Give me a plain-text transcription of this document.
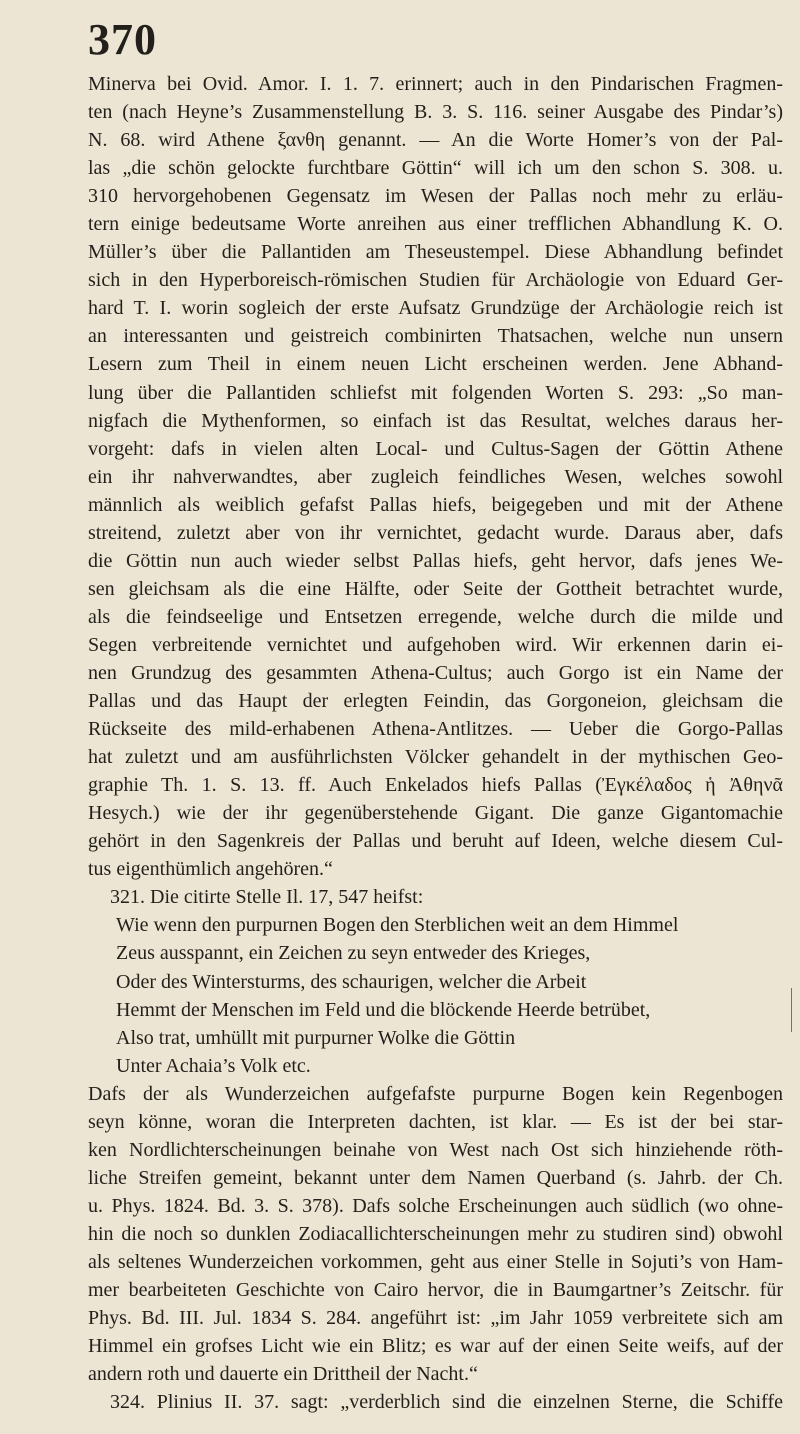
370
Minerva bei Ovid. Amor. I. 1. 7. erinnert; auch in den Pindarischen Fragmen-
ten (nach Heyne’s Zusammenstellung B. 3. S. 116. seiner Ausgabe des Pindar’s)
N. 68. wird Athene ξανθη genannt. — An die Worte Homer’s von der Pal-
las „die schön gelockte furchtbare Göttin“ will ich um den schon S. 308. u.
310 hervorgehobenen Gegensatz im Wesen der Pallas noch mehr zu erläu-
tern einige bedeutsame Worte anreihen aus einer trefflichen Abhandlung K. O.
Müller’s über die Pallantiden am Theseustempel. Diese Abhandlung befindet
sich in den Hyperboreisch-römischen Studien für Archäologie von Eduard Ger-
hard T. I. worin sogleich der erste Aufsatz Grundzüge der Archäologie reich ist
an interessanten und geistreich combinirten Thatsachen, welche nun unsern
Lesern zum Theil in einem neuen Licht erscheinen werden. Jene Abhand-
lung über die Pallantiden schliefst mit folgenden Worten S. 293: „So man-
nigfach die Mythenformen, so einfach ist das Resultat, welches daraus her-
vorgeht: dafs in vielen alten Local- und Cultus-Sagen der Göttin Athene
ein ihr nahverwandtes, aber zugleich feindliches Wesen, welches sowohl
männlich als weiblich gefafst Pallas hiefs, beigegeben und mit der Athene
streitend, zuletzt aber von ihr vernichtet, gedacht wurde. Daraus aber, dafs
die Göttin nun auch wieder selbst Pallas hiefs, geht hervor, dafs jenes We-
sen gleichsam als die eine Hälfte, oder Seite der Gottheit betrachtet wurde,
als die feindseelige und Entsetzen erregende, welche durch die milde und
Segen verbreitende vernichtet und aufgehoben wird. Wir erkennen darin ei-
nen Grundzug des gesammten Athena-Cultus; auch Gorgo ist ein Name der
Pallas und das Haupt der erlegten Feindin, das Gorgoneion, gleichsam die
Rückseite des mild-erhabenen Athena-Antlitzes. — Ueber die Gorgo-Pallas
hat zuletzt und am ausführlichsten Völcker gehandelt in der mythischen Geo-
graphie Th. 1. S. 13. ff. Auch Enkelados hiefs Pallas (Ἐγκέλαδος ἡ Ἀθηνᾶ
Hesych.) wie der ihr gegenüberstehende Gigant. Die ganze Gigantomachie
gehört in den Sagenkreis der Pallas und beruht auf Ideen, welche diesem Cul-
tus eigenthümlich angehören.“
321. Die citirte Stelle Il. 17, 547 heifst:
Wie wenn den purpurnen Bogen den Sterblichen weit an dem Himmel
Zeus ausspannt, ein Zeichen zu seyn entweder des Krieges,
Oder des Wintersturms, des schaurigen, welcher die Arbeit
Hemmt der Menschen im Feld und die blöckende Heerde betrübet,
Also trat, umhüllt mit purpurner Wolke die Göttin
Unter Achaia’s Volk etc.
Dafs der als Wunderzeichen aufgefafste purpurne Bogen kein Regenbogen
seyn könne, woran die Interpreten dachten, ist klar. — Es ist der bei star-
ken Nordlichterscheinungen beinahe von West nach Ost sich hinziehende röth-
liche Streifen gemeint, bekannt unter dem Namen Querband (s. Jahrb. der Ch.
u. Phys. 1824. Bd. 3. S. 378). Dafs solche Erscheinungen auch südlich (wo ohne-
hin die noch so dunklen Zodiacallichterscheinungen mehr zu studiren sind) obwohl
als seltenes Wunderzeichen vorkommen, geht aus einer Stelle in Sojuti’s von Ham-
mer bearbeiteten Geschichte von Cairo hervor, die in Baumgartner’s Zeitschr. für
Phys. Bd. III. Jul. 1834 S. 284. angeführt ist: „im Jahr 1059 verbreitete sich am
Himmel ein grofses Licht wie ein Blitz; es war auf der einen Seite weifs, auf der
andern roth und dauerte ein Drittheil der Nacht.“
324. Plinius II. 37. sagt: „verderblich sind die einzelnen Sterne, die Schiffe
